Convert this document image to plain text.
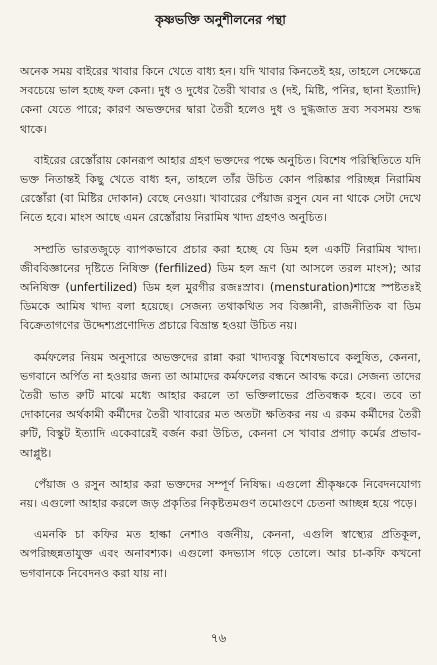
কৃষ্ণভক্তি অনুশীলনের পন্থা

অনেক সময় বাইরের খাবার কিনে খেতে বাধ্য হন। যদি খাবার কিনতেই হয়, তাহলে সেক্ষেত্রে সবচেয়ে ভাল হচ্ছে ফল কেনা। দুধ ও দুধের তৈরী খাবার ও (দই, মিষ্টি, পনির, ছানা ইত্যাদি) কেনা যেতে পারে; কারণ অভক্তদের দ্বারা তৈরী হলেও দুধ ও দুগ্ধজাত দ্রব্য সবসময় শুদ্ধ থাকে।

বাইরের রেস্তোঁরায় কোনরূপ আহার গ্রহণ ভক্তদের পক্ষে অনুচিত। বিশেষ পরিস্থিতিতে যদি ভক্ত নিতান্তই কিছু খেতে বাধ্য হন, তাহলে তাঁর উচিত কোন পরিষ্কার পরিচ্ছন্ন নিরামিষ রেস্তোঁরা (বা মিষ্টির দোকান) বেছে নেওয়া। খাবারের পেঁয়াজ রসুন যেন না থাকে সেটা দেখে নিতে হবে। মাংস আছে এমন রেস্তোঁরায় নিরামিষ খাদ্য গ্রহণও অনুচিত।

সম্প্রতি ভারতজুড়ে ব্যাপকভাবে প্রচার করা হচ্ছে যে ডিম হল একটি নিরামিষ খাদ্য। জীববিজ্ঞানের দৃষ্টিতে নিষিক্ত (ferfilized) ডিম হল ভ্রূণ (যা আসলে তরল মাংস); আর অনিষিক্ত (unfertilized) ডিম হল মুরগীর রজঃস্রাব। (mensturation)শাস্ত্রে স্পষ্টতঃই ডিমকে আমিষ খাদ্য বলা হয়েছে। সেজন্য তথাকথিত সব বিজ্ঞানী, রাজনীতিক বা ডিম বিক্রেতাগণের উদ্দেশ্যপ্রণোদিত প্রচারে বিভ্রান্ত হওয়া উচিত নয়।

কর্মফলের নিয়ম অনুসারে অভক্তদের রান্না করা খাদ্যবস্তু বিশেষভাবে কলুষিত, কেননা, ভগবানে অর্পিত না হওয়ার জন্য তা আমাদের কর্মফলের বন্ধনে আবদ্ধ করে। সেজন্য তাদের তৈরী ভাত রুটি মাঝে মধ্যে আহার করলে তা ভক্তিলাভের প্রতিবন্ধক হবে। তবে তা দোকানের অর্থকামী কর্মীদের তৈরী খাবারের মত অতটা ক্ষতিকর নয় এ রকম কর্মীদের তৈরী রুটি, বিস্কুট ইত্যাদি একেবারেই বর্জন করা উচিত, কেননা সে খাবার প্রগাঢ় কর্মের প্রভাব-আপ্লুষ্ট।

পেঁয়াজ ও রসুন আহার করা ভক্তদের সম্পূর্ণ নিষিদ্ধ। এগুলো শ্রীকৃষ্ণকে নিবেদনযোগ্য নয়। এগুলো আহার করলে জড় প্রকৃতির নিকৃষ্টতমগুণ তমোগুণে চেতনা আচ্ছন্ন হয়ে পড়ে।

এমনকি চা কফির মত হাল্কা নেশাও বর্জনীয়, কেননা, এগুলি স্বাস্থ্যের প্রতিকূল, অপরিচ্ছন্নতাযুক্ত এবং অনাবশ্যক। এগুলো কদভ্যাস গড়ে তোলে। আর চা-কফি কখনো ভগবানকে নিবেদনও করা যায় না।

৭৬
